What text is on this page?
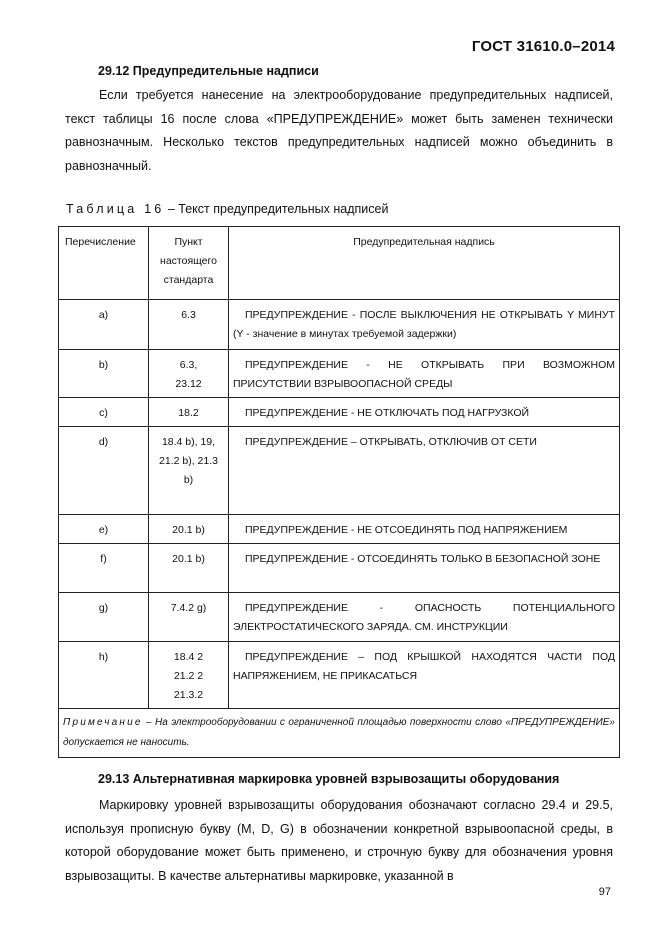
ГОСТ 31610.0–2014
29.12 Предупредительные надписи

Если требуется нанесение на электрооборудование предупредительных надписей, текст таблицы 16 после слова «ПРЕДУПРЕЖДЕНИЕ» может быть заменен технически равнозначным. Несколько текстов предупредительных надписей можно объединить в равнозначный.

Таблица 16 – Текст предупредительных надписей
Перечисление	Пункт настоящего стандарта	Предупредительная надпись
a)	6.3	ПРЕДУПРЕЖДЕНИЕ - ПОСЛЕ ВЫКЛЮЧЕНИЯ НЕ ОТКРЫВАТЬ Y МИНУТ (Y - значение в минутах требуемой задержки)
b)	6.3, 23.12	ПРЕДУПРЕЖДЕНИЕ - НЕ ОТКРЫВАТЬ ПРИ ВОЗМОЖНОМ ПРИСУТСТВИИ ВЗРЫВООПАСНОЙ СРЕДЫ
c)	18.2	ПРЕДУПРЕЖДЕНИЕ - НЕ ОТКЛЮЧАТЬ ПОД НАГРУЗКОЙ
d)	18.4 b), 19, 21.2 b), 21.3 b)	ПРЕДУПРЕЖДЕНИЕ – ОТКРЫВАТЬ, ОТКЛЮЧИВ ОТ СЕТИ
e)	20.1 b)	ПРЕДУПРЕЖДЕНИЕ - НЕ ОТСОЕДИНЯТЬ ПОД НАПРЯЖЕНИЕМ
f)	20.1 b)	ПРЕДУПРЕЖДЕНИЕ - ОТСОЕДИНЯТЬ ТОЛЬКО В БЕЗОПАСНОЙ ЗОНЕ
g)	7.4.2 g)	ПРЕДУПРЕЖДЕНИЕ - ОПАСНОСТЬ ПОТЕНЦИАЛЬНОГО ЭЛЕКТРОСТАТИЧЕСКОГО ЗАРЯДА. СМ. ИНСТРУКЦИИ
h)	18.4 2 21.2 2 21.3.2	ПРЕДУПРЕЖДЕНИЕ – ПОД КРЫШКОЙ НАХОДЯТСЯ ЧАСТИ ПОД НАПРЯЖЕНИЕМ, НЕ ПРИКАСАТЬСЯ
Примечание – На электрооборудовании с ограниченной площадью поверхности слово «ПРЕДУПРЕЖДЕНИЕ» допускается не наносить.		
29.13 Альтернативная маркировка уровней взрывозащиты оборудования

Маркировку уровней взрывозащиты оборудования обозначают согласно 29.4 и 29.5, используя прописную букву (M, D, G) в обозначении конкретной взрывоопасной среды, в которой оборудование может быть применено, и строчную букву для обозначения уровня взрывозащиты. В качестве альтернативы маркировке, указанной в

97
